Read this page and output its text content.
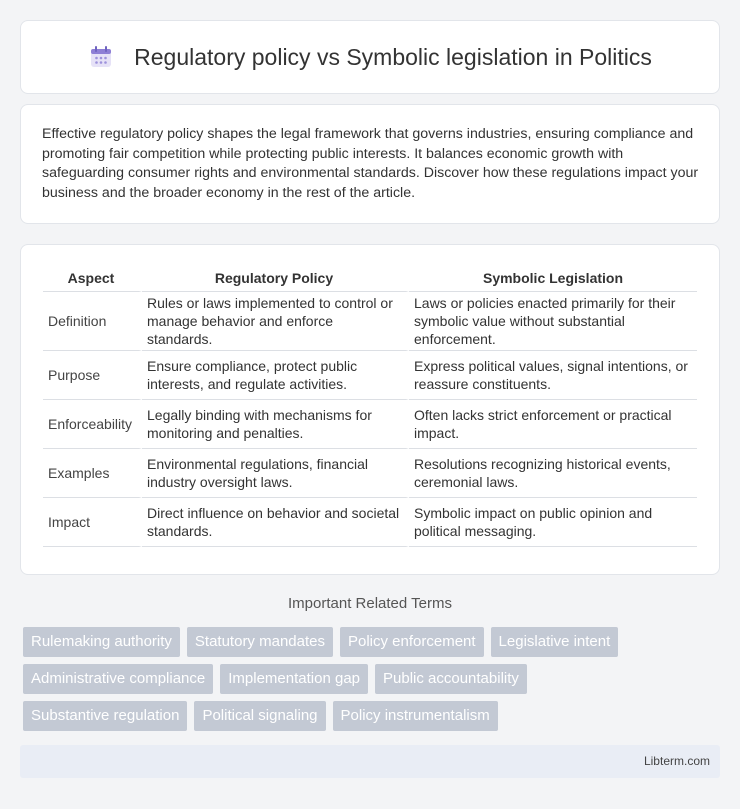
Regulatory policy vs Symbolic legislation in Politics

Effective regulatory policy shapes the legal framework that governs industries, ensuring compliance and promoting fair competition while protecting public interests. It balances economic growth with safeguarding consumer rights and environmental standards. Discover how these regulations impact your business and the broader economy in the rest of the article.

Aspect	Regulatory Policy	Symbolic Legislation
Definition	Rules or laws implemented to control or manage behavior and enforce standards.	Laws or policies enacted primarily for their symbolic value without substantial enforcement.
Purpose	Ensure compliance, protect public interests, and regulate activities.	Express political values, signal intentions, or reassure constituents.
Enforceability	Legally binding with mechanisms for monitoring and penalties.	Often lacks strict enforcement or practical impact.
Examples	Environmental regulations, financial industry oversight laws.	Resolutions recognizing historical events, ceremonial laws.
Impact	Direct influence on behavior and societal standards.	Symbolic impact on public opinion and political messaging.
Important Related Terms
Rulemaking authority	Statutory mandates	Policy enforcement	Legislative intent
Administrative compliance	Implementation gap	Public accountability
Substantive regulation	Political signaling	Policy instrumentalism
Libterm.com
